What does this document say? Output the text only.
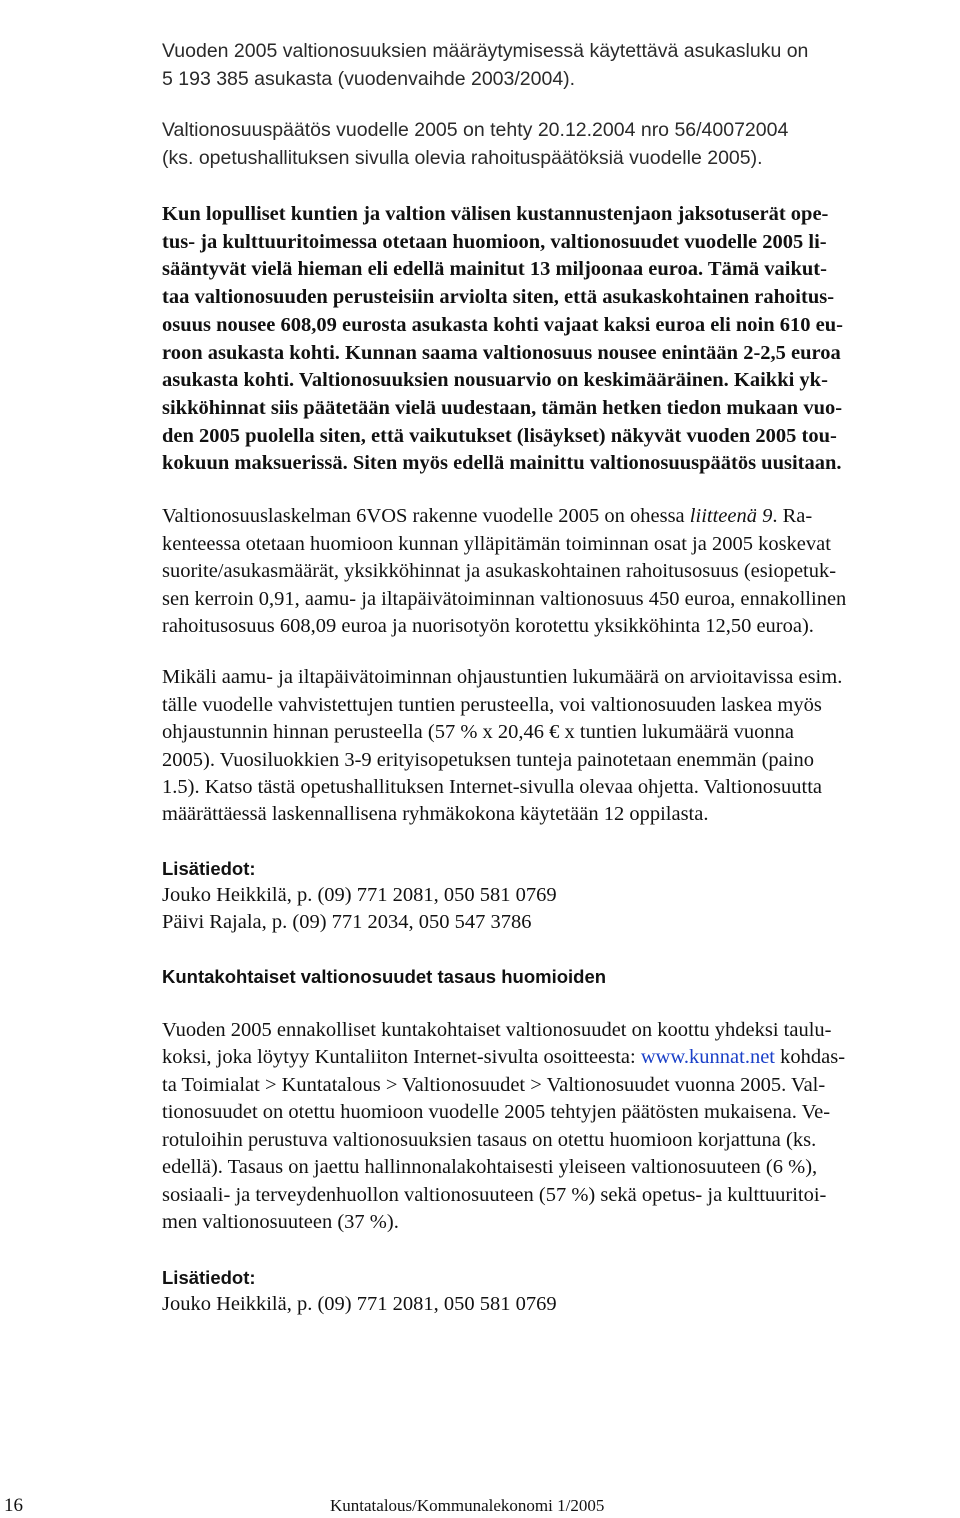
Vuoden 2005 valtionosuuksien määräytymisessä käytettävä asukasluku on

5 193 385 asukasta (vuodenvaihde 2003/2004).

Valtionosuuspäätös vuodelle 2005 on tehty 20.12.2004 nro 56/40072004

(ks. opetushallituksen sivulla olevia rahoituspäätöksiä vuodelle 2005).

Kun lopulliset kuntien ja valtion välisen kustannustenjaon jaksotuserät ope-

tus- ja kulttuuritoimessa otetaan huomioon, valtionosuudet vuodelle 2005 li-

sääntyvät vielä hieman eli edellä mainitut 13 miljoonaa euroa. Tämä vaikut-

taa valtionosuuden perusteisiin arviolta siten, että asukaskohtainen rahoitus-

osuus nousee 608,09 eurosta asukasta kohti vajaat kaksi euroa eli noin 610 eu-

roon asukasta kohti. Kunnan saama valtionosuus nousee enintään 2-2,5 euroa

asukasta kohti. Valtionosuuksien nousuarvio on keskimääräinen. Kaikki yk-

sikköhinnat siis päätetään vielä uudestaan, tämän hetken tiedon mukaan vuo-

den 2005 puolella siten, että vaikutukset (lisäykset) näkyvät vuoden 2005 tou-

kokuun maksuerissä. Siten myös edellä mainittu valtionosuuspäätös uusitaan.

Valtionosuuslaskelman 6VOS rakenne vuodelle 2005 on ohessa liitteenä 9. Ra-

kenteessa otetaan huomioon kunnan ylläpitämän toiminnan osat ja 2005 koskevat

suorite/asukasmäärät, yksikköhinnat ja asukaskohtainen rahoitusosuus (esiopetuk-

sen kerroin 0,91, aamu- ja iltapäivätoiminnan valtionosuus 450 euroa, ennakollinen

rahoitusosuus 608,09 euroa ja nuorisotyön korotettu yksikköhinta 12,50 euroa).

Mikäli aamu- ja iltapäivätoiminnan ohjaustuntien lukumäärä on arvioitavissa esim.

tälle vuodelle vahvistettujen tuntien perusteella, voi valtionosuuden laskea myös

ohjaustunnin hinnan perusteella (57 % x 20,46 € x tuntien lukumäärä vuonna

2005). Vuosiluokkien 3-9 erityisopetuksen tunteja painotetaan enemmän (paino

1.5). Katso tästä opetushallituksen Internet-sivulla olevaa ohjetta. Valtionosuutta

määrättäessä laskennallisena ryhmäkokona käytetään 12 oppilasta.

Lisätiedot:

Jouko Heikkilä, p. (09) 771 2081, 050 581 0769

Päivi Rajala, p. (09) 771 2034, 050 547 3786

Kuntakohtaiset valtionosuudet tasaus huomioiden

Vuoden 2005 ennakolliset kuntakohtaiset valtionosuudet on koottu yhdeksi taulu-

koksi, joka löytyy Kuntaliiton Internet-sivulta osoitteesta: www.kunnat.net kohdas-

ta Toimialat > Kuntatalous > Valtionosuudet > Valtionosuudet vuonna 2005. Val-

tionosuudet on otettu huomioon vuodelle 2005 tehtyjen päätösten mukaisena. Ve-

rotuloihin perustuva valtionosuuksien tasaus on otettu huomioon korjattuna (ks.

edellä). Tasaus on jaettu hallinnonalakohtaisesti yleiseen valtionosuuteen (6 %),

sosiaali- ja terveydenhuollon valtionosuuteen (57 %) sekä opetus- ja kulttuuritoi-

men valtionosuuteen (37 %).

Lisätiedot:

Jouko Heikkilä, p. (09) 771 2081, 050 581 0769

16	Kuntatalous/Kommunalekonomi 1/2005
